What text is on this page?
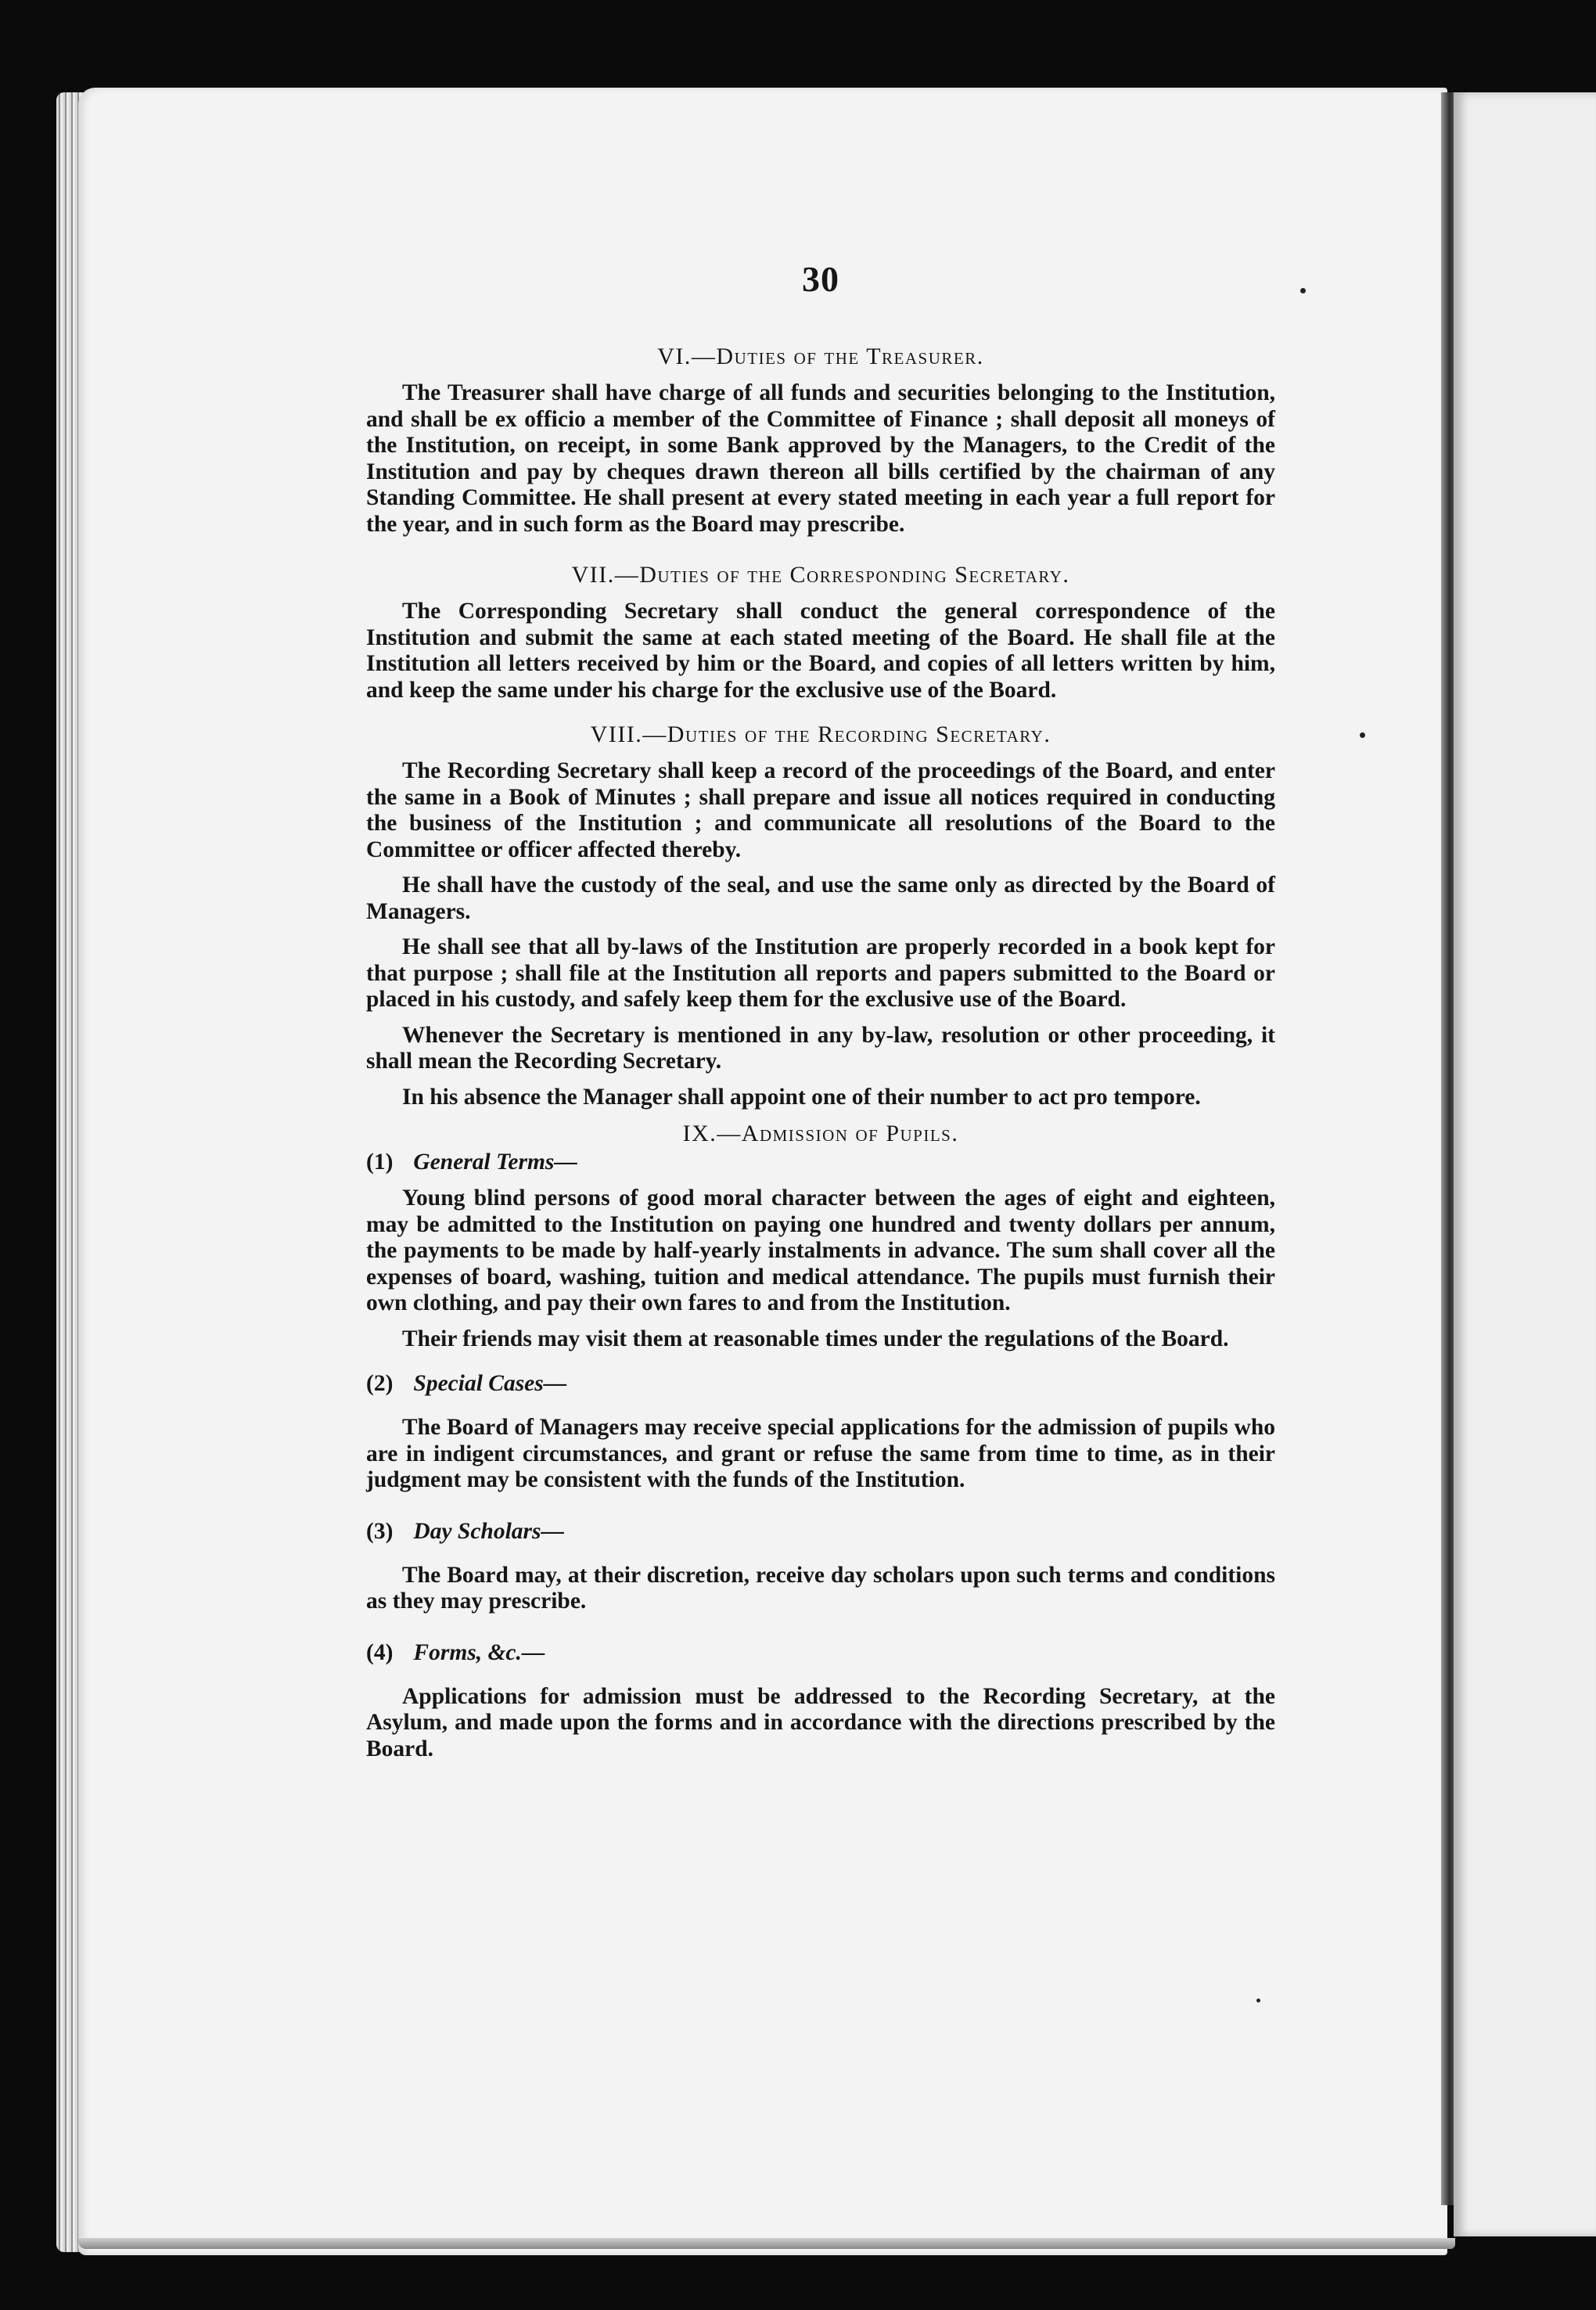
30
VI.—Duties of the Treasurer.

The Treasurer shall have charge of all funds and securities belonging to the Institution, and shall be ex officio a member of the Committee of Finance ; shall deposit all moneys of the Institution, on receipt, in some Bank approved by the Managers, to the Credit of the Institution and pay by cheques drawn thereon all bills certified by the chairman of any Standing Committee. He shall present at every stated meeting in each year a full report for the year, and in such form as the Board may prescribe.

VII.—Duties of the Corresponding Secretary.

The Corresponding Secretary shall conduct the general correspondence of the Institution and submit the same at each stated meeting of the Board. He shall file at the Institution all letters received by him or the Board, and copies of all letters written by him, and keep the same under his charge for the exclusive use of the Board.

VIII.—Duties of the Recording Secretary.

The Recording Secretary shall keep a record of the proceedings of the Board, and enter the same in a Book of Minutes ; shall prepare and issue all notices required in conducting the business of the Institution ; and communicate all resolutions of the Board to the Committee or officer affected thereby.

He shall have the custody of the seal, and use the same only as directed by the Board of Managers.

He shall see that all by-laws of the Institution are properly recorded in a book kept for that purpose ; shall file at the Institution all reports and papers submitted to the Board or placed in his custody, and safely keep them for the exclusive use of the Board.

Whenever the Secretary is mentioned in any by-law, resolution or other proceeding, it shall mean the Recording Secretary.

In his absence the Manager shall appoint one of their number to act pro tempore.

IX.—Admission of Pupils.
(1) General Terms—

Young blind persons of good moral character between the ages of eight and eighteen, may be admitted to the Institution on paying one hundred and twenty dollars per annum, the payments to be made by half-yearly instalments in advance. The sum shall cover all the expenses of board, washing, tuition and medical attendance. The pupils must furnish their own clothing, and pay their own fares to and from the Institution.

Their friends may visit them at reasonable times under the regulations of the Board.

(2) Special Cases—

The Board of Managers may receive special applications for the admission of pupils who are in indigent circumstances, and grant or refuse the same from time to time, as in their judgment may be consistent with the funds of the Institution.

(3) Day Scholars—

The Board may, at their discretion, receive day scholars upon such terms and conditions as they may prescribe.

(4) Forms, &c.—

Applications for admission must be addressed to the Recording Secretary, at the Asylum, and made upon the forms and in accordance with the directions prescribed by the Board.
